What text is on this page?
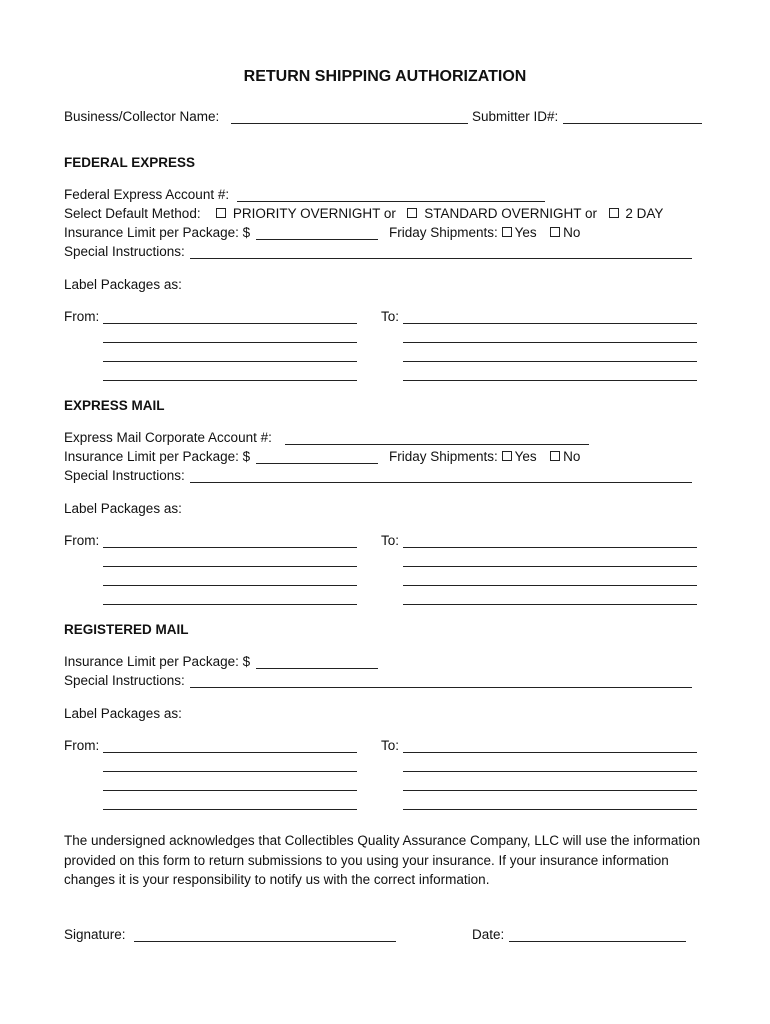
RETURN SHIPPING AUTHORIZATION
Business/Collector Name:	Submitter ID#:
FEDERAL EXPRESS
Federal Express Account #:
Select Default Method: PRIORITY OVERNIGHT or STANDARD OVERNIGHT or 2 DAY
Insurance Limit per Package: $	Friday Shipments: Yes No
Special Instructions:
Label Packages as:
From:	To:
EXPRESS MAIL
Express Mail Corporate Account #:
Insurance Limit per Package: $	Friday Shipments: Yes No
Special Instructions:
Label Packages as:
From:	To:
REGISTERED MAIL
Insurance Limit per Package: $
Special Instructions:
Label Packages as:
From:	To:
The undersigned acknowledges that Collectibles Quality Assurance Company, LLC will use the information provided on this form to return submissions to you using your insurance. If your insurance information changes it is your responsibility to notify us with the correct information.
Signature:	Date:
